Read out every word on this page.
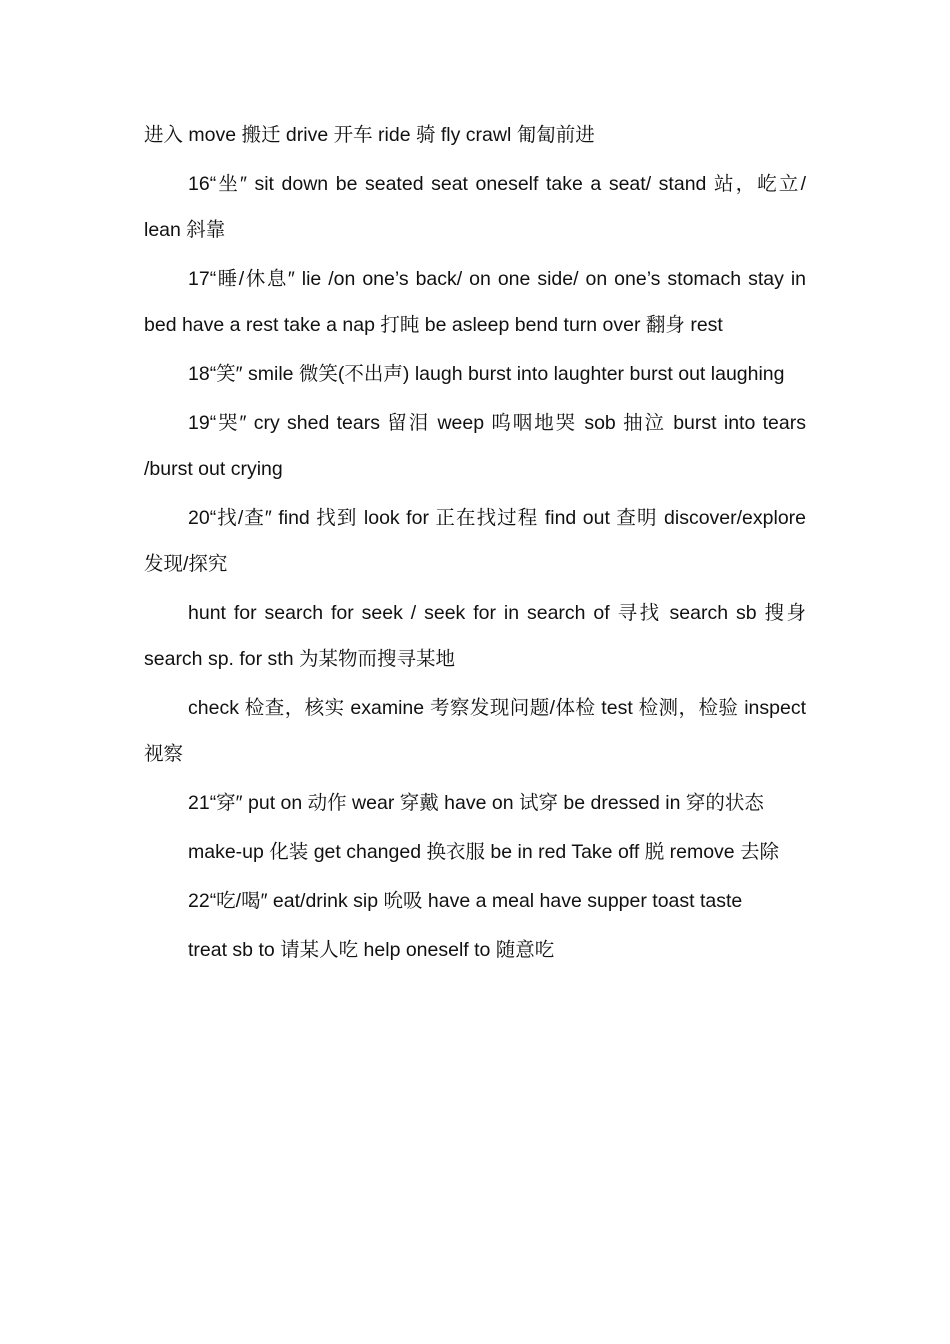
进入 move 搬迁 drive 开车 ride 骑 fly crawl 匍匐前进

16“坐″ sit down be seated seat oneself take a seat/ stand 站，屹立/ lean 斜靠

17“睡/休息″ lie /on one’s back/ on one side/ on one’s stomach stay in bed have a rest take a nap 打盹 be asleep bend turn over 翻身 rest

18“笑″ smile 微笑(不出声) laugh burst into laughter burst out laughing

19“哭″ cry shed tears 留泪 weep 呜咽地哭 sob 抽泣 burst into tears /burst out crying

20“找/查″ find 找到 look for 正在找过程 find out 查明 discover/explore 发现/探究

hunt for search for seek / seek for in search of 寻找 search sb 搜身 search sp. for sth 为某物而搜寻某地

check 检查，核实 examine 考察发现问题/体检 test 检测，检验 inspect 视察

21“穿″ put on 动作 wear 穿戴 have on 试穿 be dressed in 穿的状态

make-up 化装 get changed 换衣服 be in red Take off 脱 remove 去除

22“吃/喝″ eat/drink sip 吮吸 have a meal have supper toast taste

treat sb to 请某人吃 help oneself to 随意吃
